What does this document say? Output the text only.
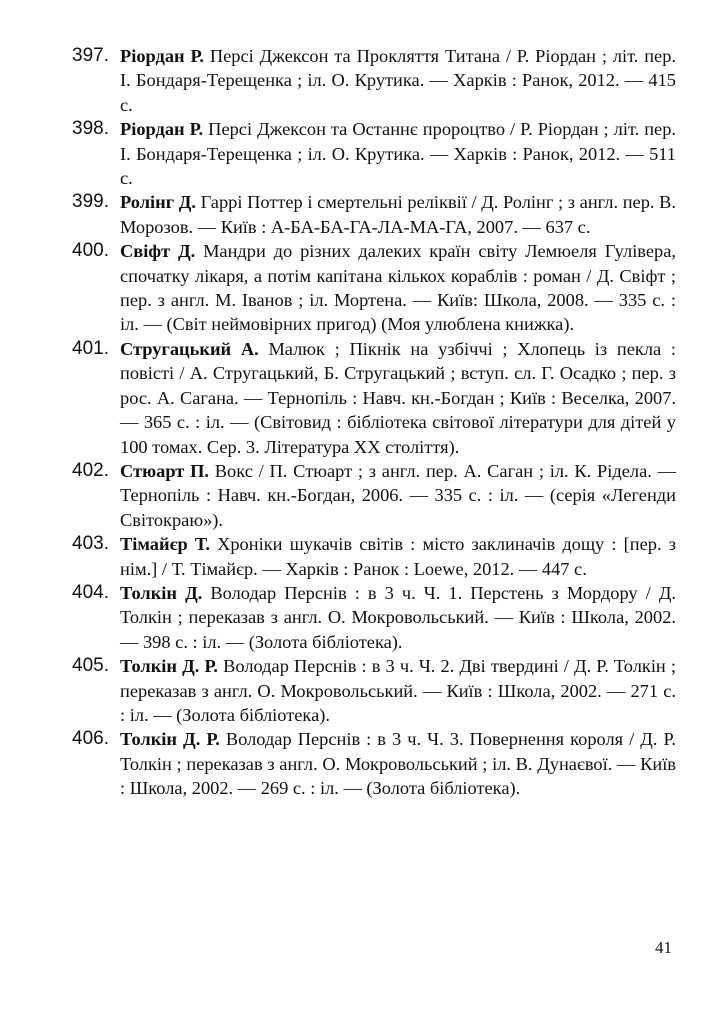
397. Ріордан Р. Персі Джексон та Прокляття Титана / Р. Ріордан ; літ. пер. І. Бондаря-Терещенка ; іл. О. Крутика. — Харків : Ранок, 2012. — 415 с.
398. Ріордан Р. Персі Джексон та Останнє пророцтво / Р. Ріордан ; літ. пер. І. Бондаря-Терещенка ; іл. О. Крутика. — Харків : Ранок, 2012. — 511 с.
399. Ролінг Д. Гаррі Поттер і смертельні реліквії / Д. Ролінг ; з англ. пер. В. Морозов. — Київ : А-БА-БА-ГА-ЛА-МА-ГА, 2007. — 637 с.
400. Свіфт Д. Мандри до різних далеких країн світу Лемюеля Гулівера, спочатку лікаря, а потім капітана кількох кораблів : роман / Д. Свіфт ; пер. з англ. М. Іванов ; іл. Мортена. — Київ: Школа, 2008. — 335 с. : іл. — (Світ неймовірних пригод) (Моя улюблена книжка).
401. Стругацький А. Малюк ; Пікнік на узбіччі ; Хлопець із пекла : повісті / А. Стругацький, Б. Стругацький ; вступ. сл. Г. Осадко ; пер. з рос. А. Сагана. — Тернопіль : Навч. кн.-Богдан ; Київ : Веселка, 2007. — 365 с. : іл. — (Світовид : бібліотека світової літератури для дітей у 100 томах. Сер. 3. Література ХХ століття).
402. Стюарт П. Вокс / П. Стюарт ; з англ. пер. А. Саган ; іл. К. Рідела. — Тернопіль : Навч. кн.-Богдан, 2006. — 335 с. : іл. — (серія «Легенди Світокраю»).
403. Тімайєр Т. Хроніки шукачів світів : місто заклиначів дощу : [пер. з нім.] / Т. Тімайєр. — Харків : Ранок : Loewe, 2012. — 447 с.
404. Толкін Д. Володар Перснів : в 3 ч. Ч. 1. Перстень з Мордору / Д. Толкін ; переказав з англ. О. Мокровольський. — Київ : Школа, 2002. — 398 с. : іл. — (Золота бібліотека).
405. Толкін Д. Р. Володар Перснів : в 3 ч. Ч. 2. Дві твердині / Д. Р. Толкін ; переказав з англ. О. Мокровольський. — Київ : Школа, 2002. — 271 с. : іл. — (Золота бібліотека).
406. Толкін Д. Р. Володар Перснів : в 3 ч. Ч. 3. Повернення короля / Д. Р. Толкін ; переказав з англ. О. Мокровольський ; іл. В. Дунаєвої. — Київ : Школа, 2002. — 269 с. : іл. — (Золота бібліотека).
41
